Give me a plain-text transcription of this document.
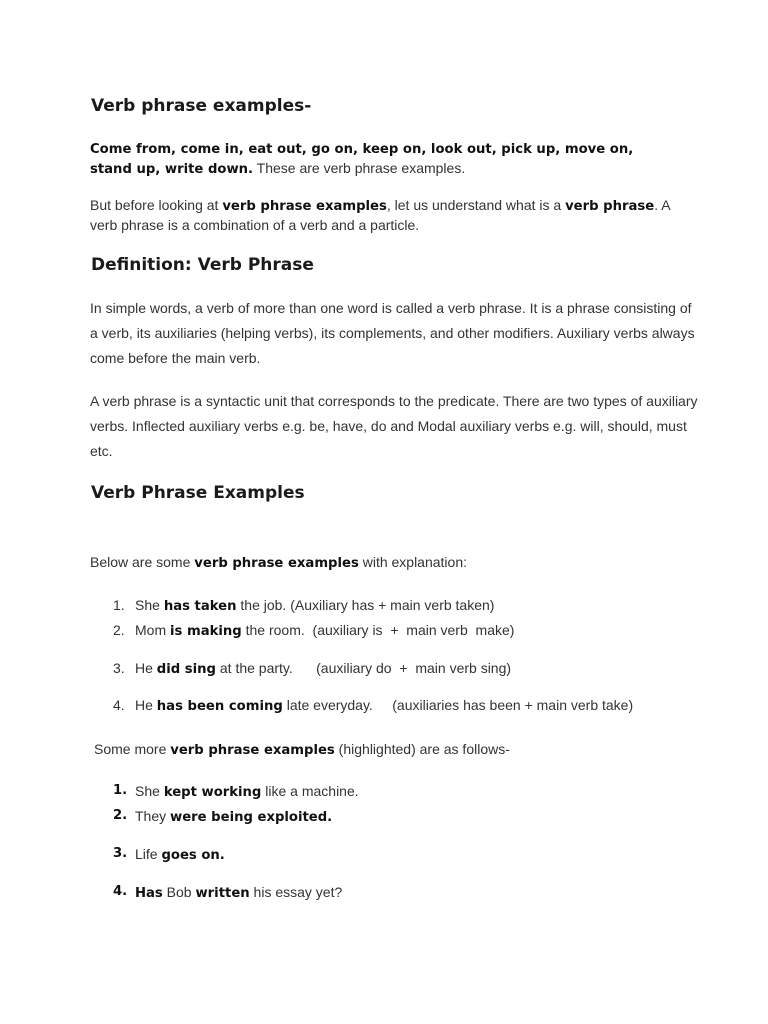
Verb phrase examples-

Come from, come in, eat out, go on, keep on, look out, pick up, move on, stand up, write down. These are verb phrase examples.

But before looking at verb phrase examples, let us understand what is a verb phrase. A verb phrase is a combination of a verb and a particle.

Definition: Verb Phrase

In simple words, a verb of more than one word is called a verb phrase. It is a phrase consisting of a verb, its auxiliaries (helping verbs), its complements, and other modifiers. Auxiliary verbs always come before the main verb.

A verb phrase is a syntactic unit that corresponds to the predicate. There are two types of auxiliary verbs. Inflected auxiliary verbs e.g. be, have, do and Modal auxiliary verbs e.g. will, should, must etc.

Verb Phrase Examples

Below are some verb phrase examples with explanation:

1. She has taken the job. (Auxiliary has + main verb taken)
2. Mom is making the room.  (auxiliary is  +  main verb  make)
3. He did sing at the party.      (auxiliary do  +  main verb sing)
4. He has been coming late everyday.     (auxiliaries has been + main verb take)

Some more verb phrase examples (highlighted) are as follows-

1. She kept working like a machine.
2. They were being exploited.
3. Life goes on.
4. Has Bob written his essay yet?
